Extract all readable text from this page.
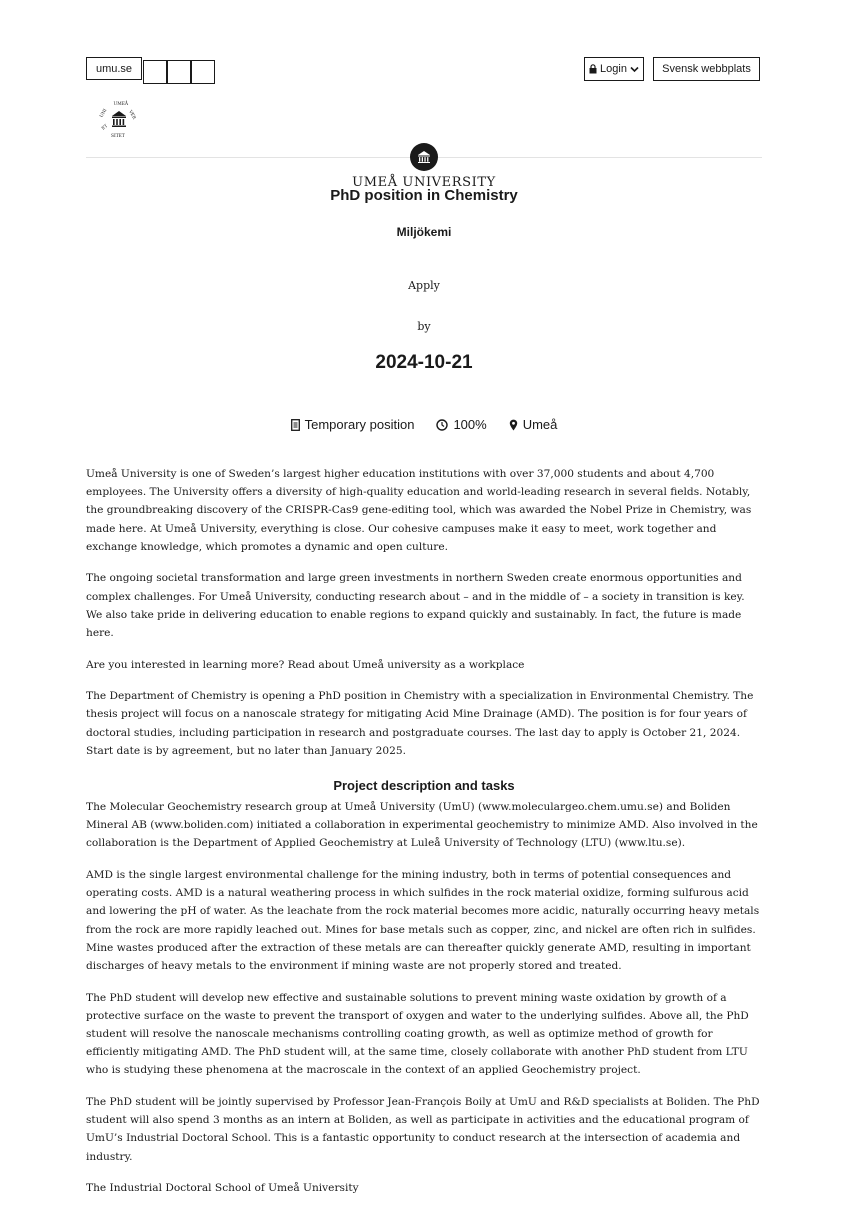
umu.se	Login	Svensk webbplats
UMEÅ
UNI	VER
ET
SITET
UMEÅ UNIVERSITY
PhD position in Chemistry
Miljökemi
Apply
by
2024-10-21
Temporary position	100%	Umeå

Umeå University is one of Sweden’s largest higher education institutions with over 37,000 students and about 4,700 employees. The University offers a diversity of high-quality education and world-leading research in several fields. Notably, the groundbreaking discovery of the CRISPR-Cas9 gene-editing tool, which was awarded the Nobel Prize in Chemistry, was made here. At Umeå University, everything is close. Our cohesive campuses make it easy to meet, work together and exchange knowledge, which promotes a dynamic and open culture.

The ongoing societal transformation and large green investments in northern Sweden create enormous opportunities and complex challenges. For Umeå University, conducting research about – and in the middle of – a society in transition is key. We also take pride in delivering education to enable regions to expand quickly and sustainably. In fact, the future is made here.

Are you interested in learning more? Read about Umeå university as a workplace

The Department of Chemistry is opening a PhD position in Chemistry with a specialization in Environmental Chemistry. The thesis project will focus on a nanoscale strategy for mitigating Acid Mine Drainage (AMD). The position is for four years of doctoral studies, including participation in research and postgraduate courses. The last day to apply is October 21, 2024. Start date is by agreement, but no later than January 2025.

Project description and tasks

The Molecular Geochemistry research group at Umeå University (UmU) (www.moleculargeo.chem.umu.se) and Boliden Mineral AB (www.boliden.com) initiated a collaboration in experimental geochemistry to minimize AMD. Also involved in the collaboration is the Department of Applied Geochemistry at Luleå University of Technology (LTU) (www.ltu.se).

AMD is the single largest environmental challenge for the mining industry, both in terms of potential consequences and operating costs. AMD is a natural weathering process in which sulfides in the rock material oxidize, forming sulfurous acid and lowering the pH of water. As the leachate from the rock material becomes more acidic, naturally occurring heavy metals from the rock are more rapidly leached out. Mines for base metals such as copper, zinc, and nickel are often rich in sulfides. Mine wastes produced after the extraction of these metals are can thereafter quickly generate AMD, resulting in important discharges of heavy metals to the environment if mining waste are not properly stored and treated.

The PhD student will develop new effective and sustainable solutions to prevent mining waste oxidation by growth of a protective surface on the waste to prevent the transport of oxygen and water to the underlying sulfides. Above all, the PhD student will resolve the nanoscale mechanisms controlling coating growth, as well as optimize method of growth for efficiently mitigating AMD. The PhD student will, at the same time, closely collaborate with another PhD student from LTU who is studying these phenomena at the macroscale in the context of an applied Geochemistry project.

The PhD student will be jointly supervised by Professor Jean-François Boily at UmU and R&D specialists at Boliden. The PhD student will also spend 3 months as an intern at Boliden, as well as participate in activities and the educational program of UmU’s Industrial Doctoral School. This is a fantastic opportunity to conduct research at the intersection of academia and industry.

The Industrial Doctoral School of Umeå University
